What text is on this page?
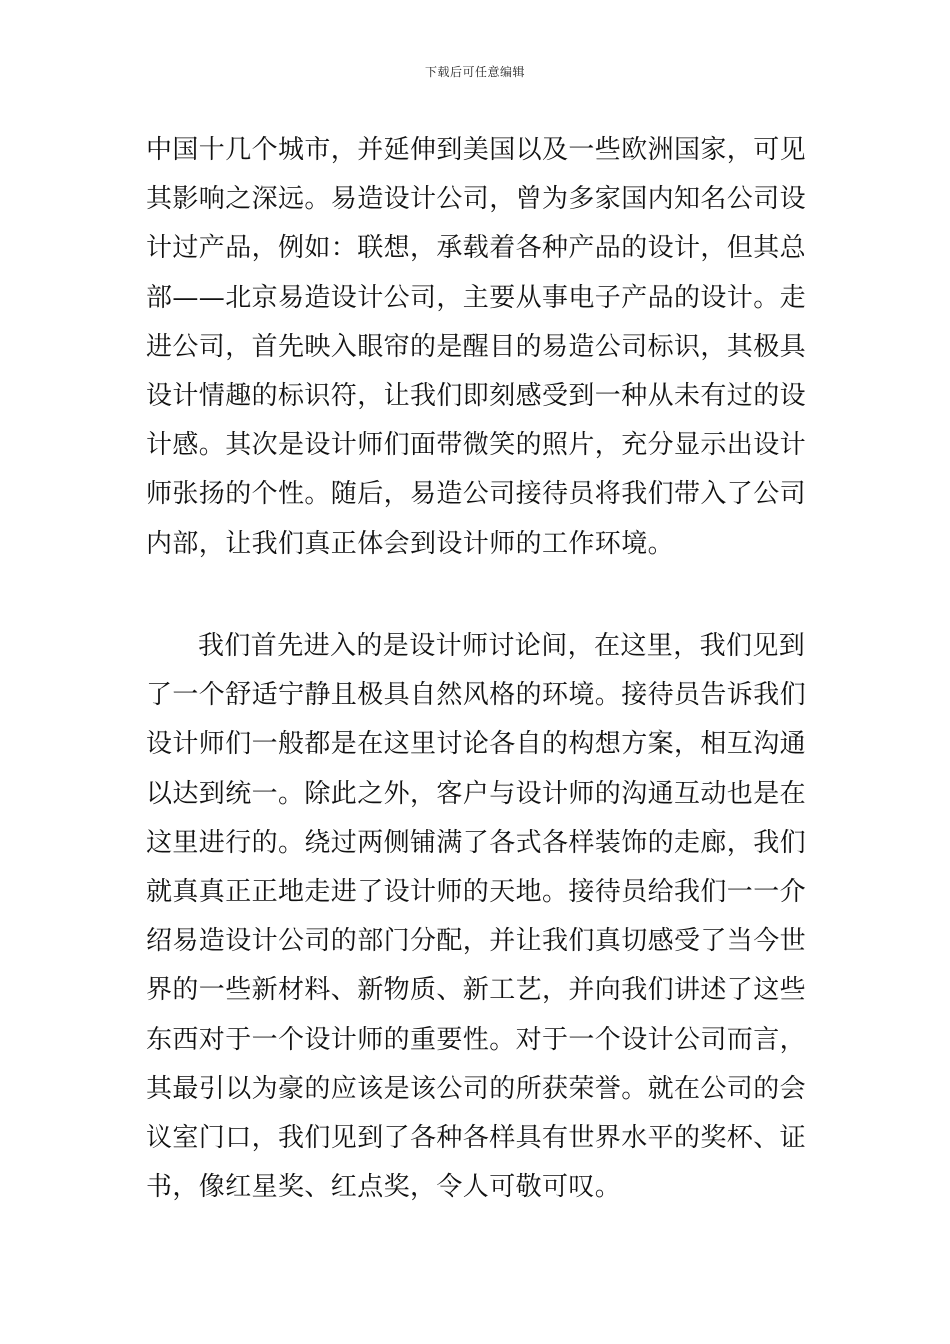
下载后可任意编辑
中国十几个城市，并延伸到美国以及一些欧洲国家，可见
其影响之深远。易造设计公司，曾为多家国内知名公司设
计过产品，例如：联想，承载着各种产品的设计，但其总
部——北京易造设计公司，主要从事电子产品的设计。走
进公司，首先映入眼帘的是醒目的易造公司标识，其极具
设计情趣的标识符，让我们即刻感受到一种从未有过的设
计感。其次是设计师们面带微笑的照片，充分显示出设计
师张扬的个性。随后，易造公司接待员将我们带入了公司
内部，让我们真正体会到设计师的工作环境。
我们首先进入的是设计师讨论间，在这里，我们见到
了一个舒适宁静且极具自然风格的环境。接待员告诉我们
设计师们一般都是在这里讨论各自的构想方案，相互沟通
以达到统一。除此之外，客户与设计师的沟通互动也是在
这里进行的。绕过两侧铺满了各式各样装饰的走廊，我们
就真真正正地走进了设计师的天地。接待员给我们一一介
绍易造设计公司的部门分配，并让我们真切感受了当今世
界的一些新材料、新物质、新工艺，并向我们讲述了这些
东西对于一个设计师的重要性。对于一个设计公司而言，
其最引以为豪的应该是该公司的所获荣誉。就在公司的会
议室门口，我们见到了各种各样具有世界水平的奖杯、证
书，像红星奖、红点奖，令人可敬可叹。
